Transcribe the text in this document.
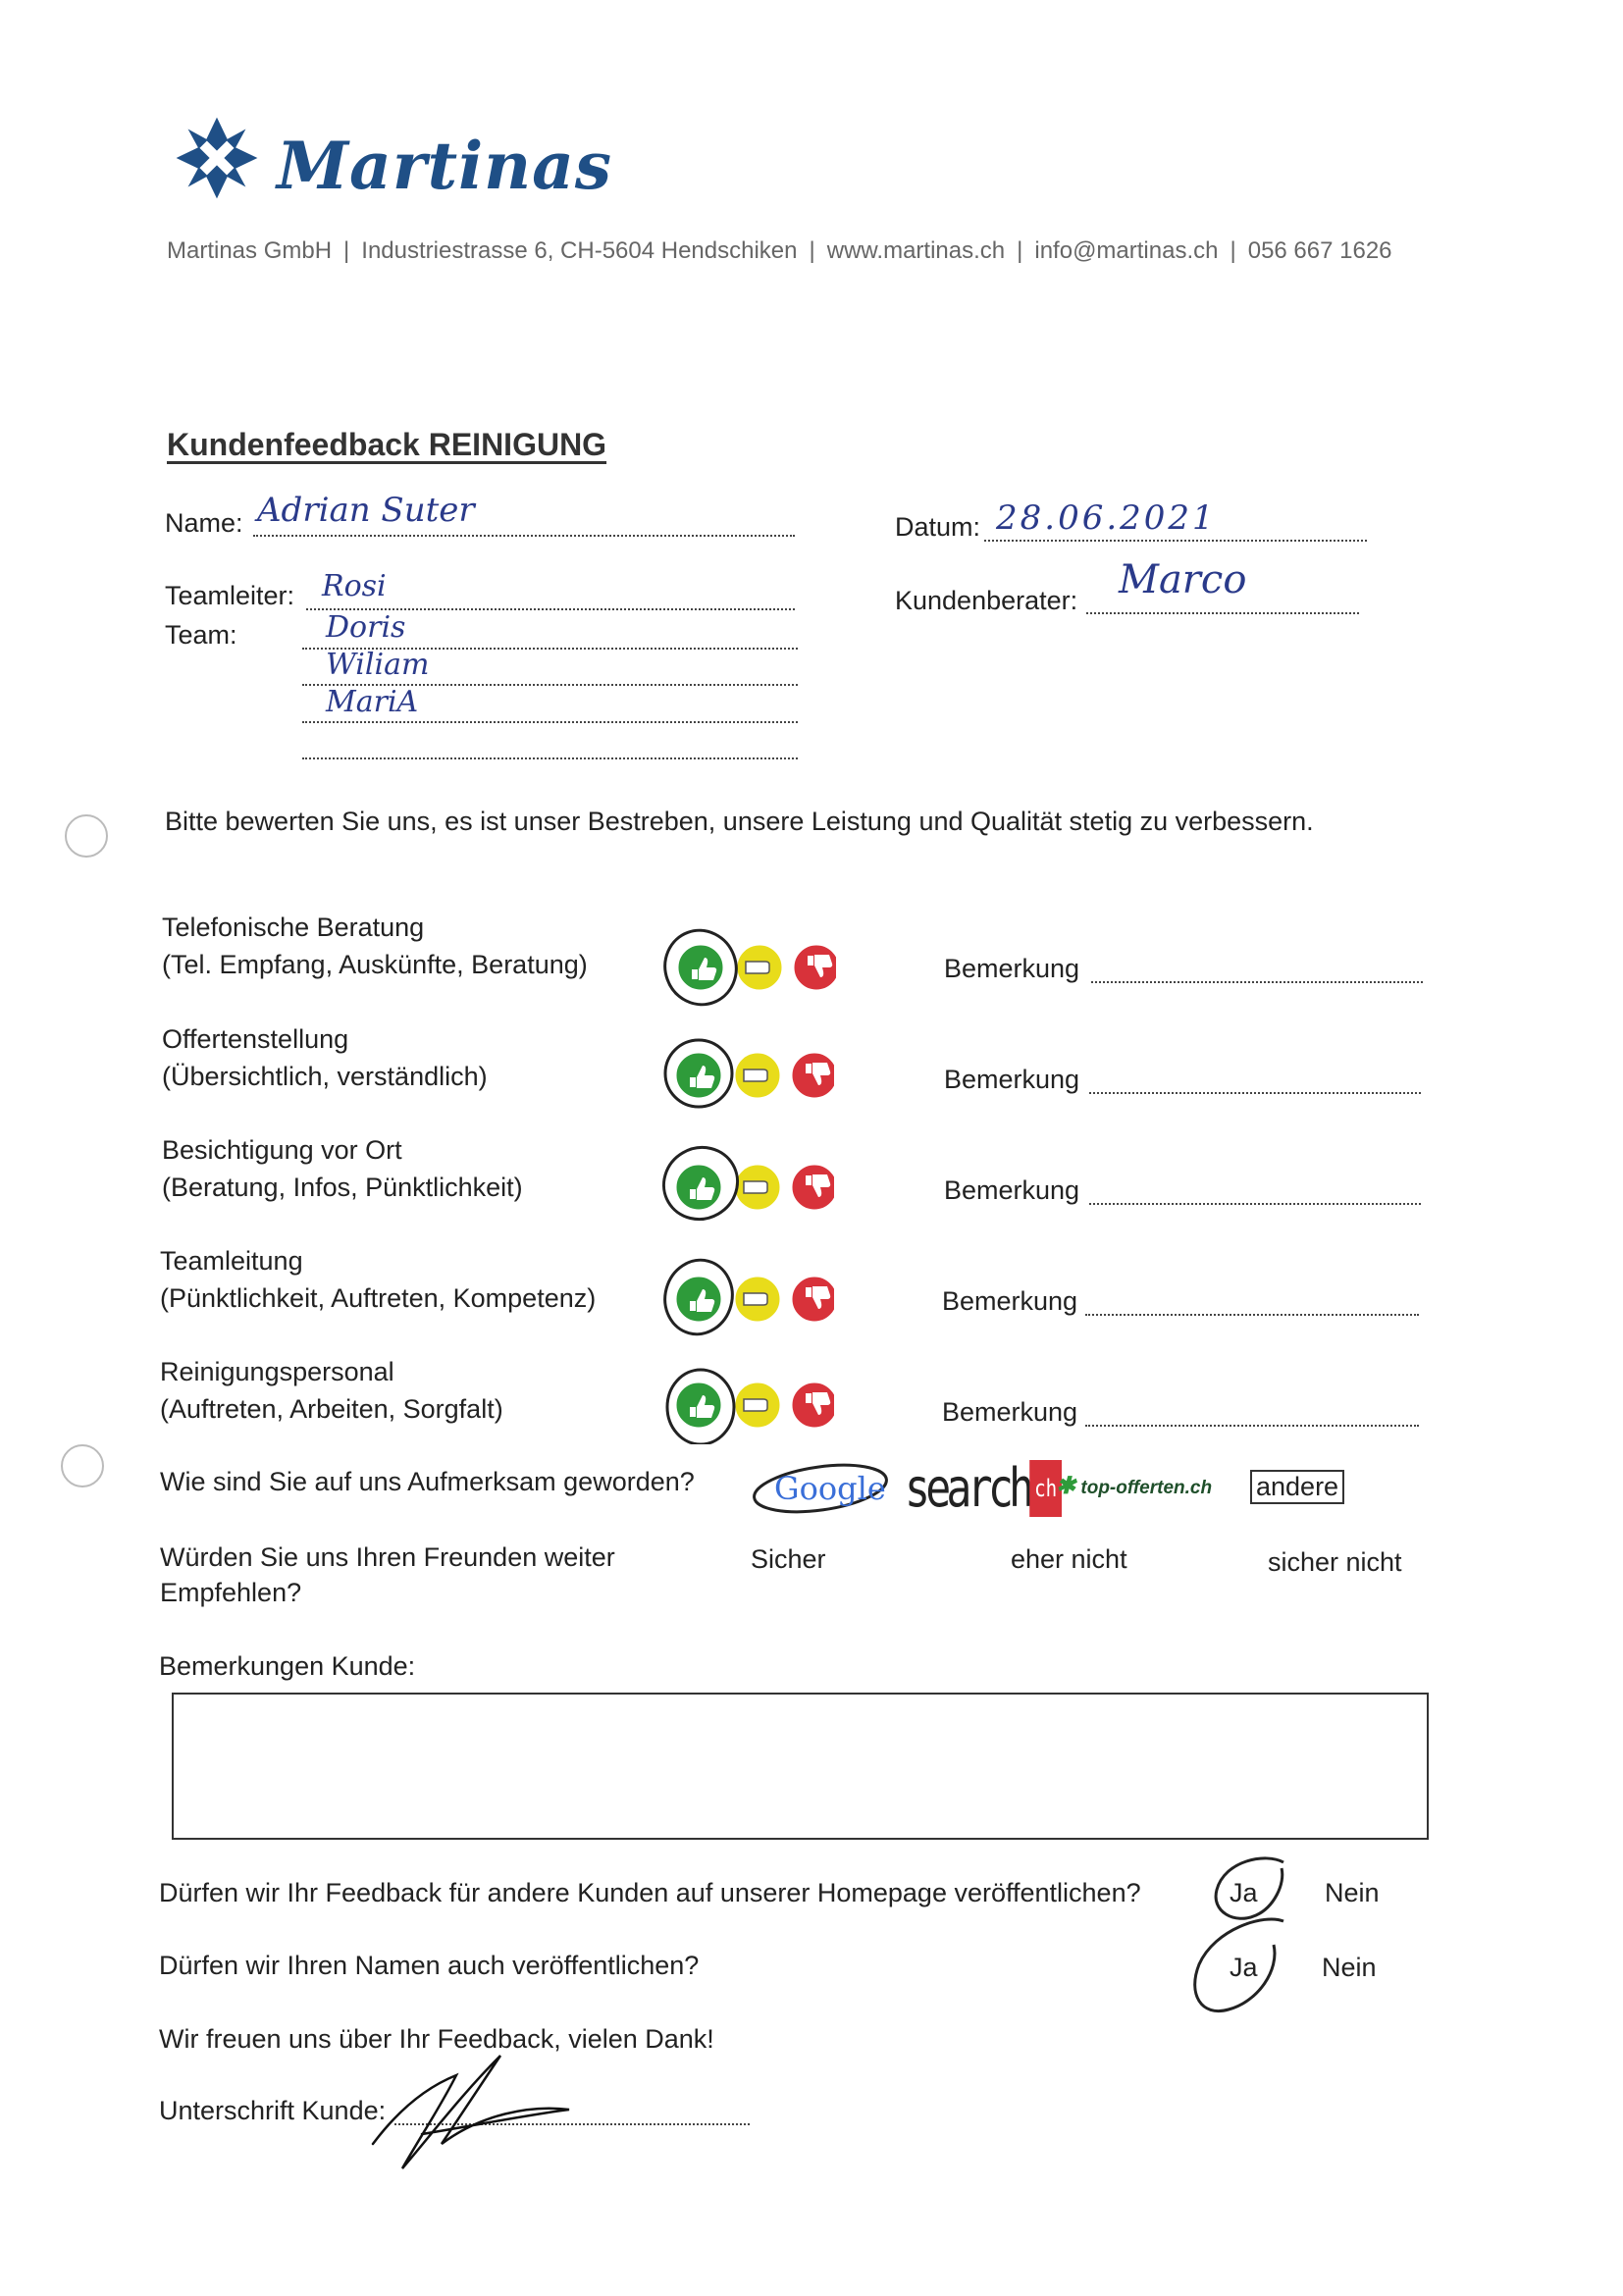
Martinas
Martinas GmbH | Industriestrasse 6, CH-5604 Hendschiken | www.martinas.ch | info@martinas.ch | 056 667 1626
Kundenfeedback REINIGUNG
Name: Adrian Suter	Datum: 28.06.2021
Teamleiter: Rosi	Kundenberater: Marco
Team:	Doris
Wiliam
MariA
Bitte bewerten Sie uns, es ist unser Bestreben, unsere Leistung und Qualität stetig zu verbessern.
Telefonische Beratung
(Tel. Empfang, Auskünfte, Beratung)	Bemerkung
Offertenstellung
(Übersichtlich, verständlich)	Bemerkung
Besichtigung vor Ort
(Beratung, Infos, Pünktlichkeit)	Bemerkung
Teamleitung
(Pünktlichkeit, Auftreten, Kompetenz)	Bemerkung
Reinigungspersonal
(Auftreten, Arbeiten, Sorgfalt)	Bemerkung
Wie sind Sie auf uns Aufmerksam geworden?	Google search ch
✱ top-offerten.ch andere
Würden Sie uns Ihren Freunden weiter
Empfehlen?
Sicher	eher nicht	sicher nicht
Bemerkungen Kunde:
Dürfen wir Ihr Feedback für andere Kunden auf unserer Homepage veröffentlichen?	Ja	Nein
Dürfen wir Ihren Namen auch veröffentlichen?	Ja Nein
Wir freuen uns über Ihr Feedback, vielen Dank!
Unterschrift Kunde:
